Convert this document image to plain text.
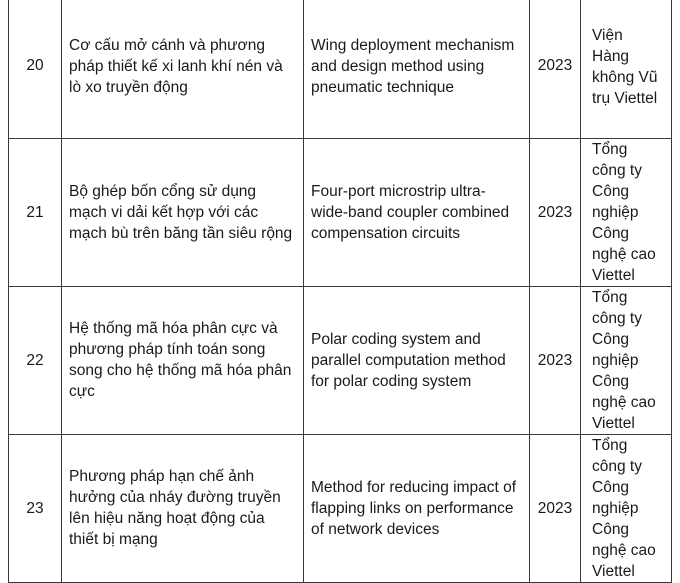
20	Cơ cấu mở cánh và phương pháp thiết kế xi lanh khí nén và lò xo truyền động	Wing deployment mechanism and design method using pneumatic technique	2023	Viện Hàng không Vũ trụ Viettel

21	Bộ ghép bốn cổng sử dụng mạch vi dải kết hợp với các mạch bù trên băng tần siêu rộng	Four-port microstrip ultra-wide-band coupler combined compensation circuits	2023	Tổng công ty Công nghiệp Công nghệ cao Viettel

22	Hệ thống mã hóa phân cực và phương pháp tính toán song song cho hệ thống mã hóa phân cực	Polar coding system and parallel computation method for polar coding system	2023	Tổng công ty Công nghiệp Công nghệ cao Viettel

23	Phương pháp hạn chế ảnh hưởng của nháy đường truyền lên hiệu năng hoạt động của thiết bị mạng	Method for reducing impact of flapping links on performance of network devices	2023	Tổng công ty Công nghiệp Công nghệ cao Viettel
